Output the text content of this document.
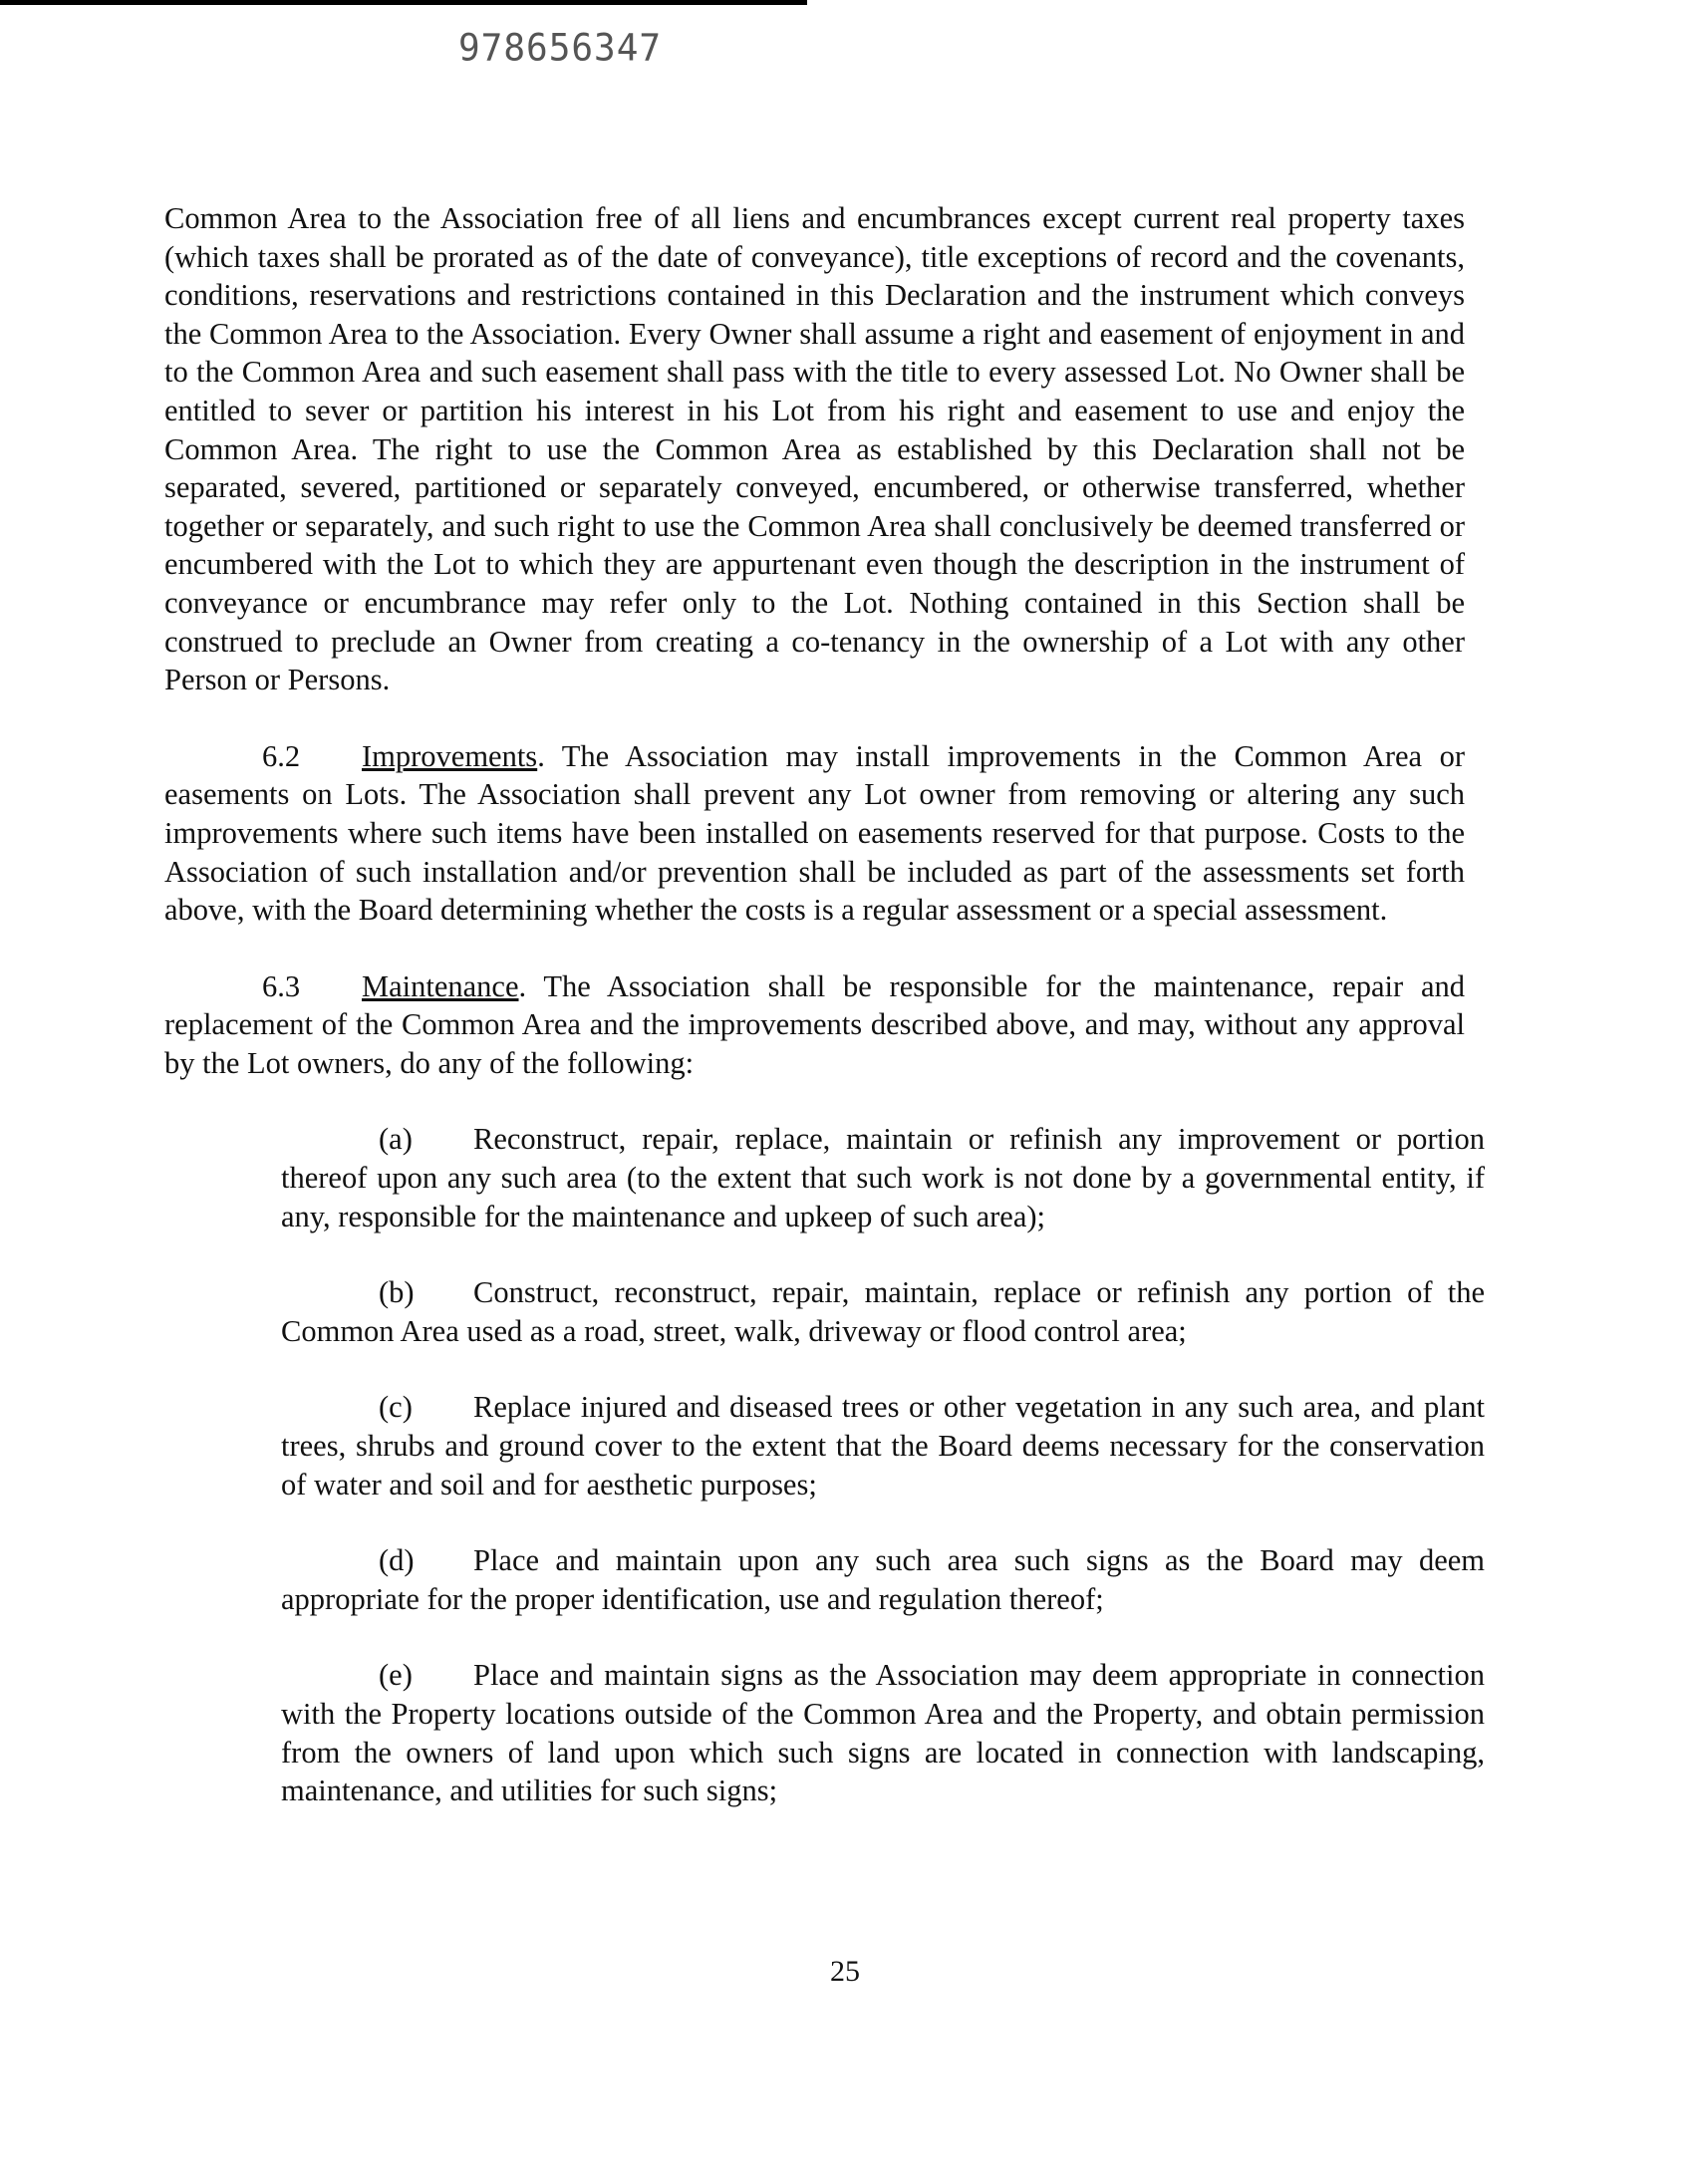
978656347

Common Area to the Association free of all liens and encumbrances except current real property taxes (which taxes shall be prorated as of the date of conveyance), title exceptions of record and the covenants, conditions, reservations and restrictions contained in this Declaration and the instrument which conveys the Common Area to the Association. Every Owner shall assume a right and easement of enjoyment in and to the Common Area and such easement shall pass with the title to every assessed Lot. No Owner shall be entitled to sever or partition his interest in his Lot from his right and easement to use and enjoy the Common Area. The right to use the Common Area as established by this Declaration shall not be separated, severed, partitioned or separately conveyed, encumbered, or otherwise transferred, whether together or separately, and such right to use the Common Area shall conclusively be deemed transferred or encumbered with the Lot to which they are appurtenant even though the description in the instrument of conveyance or encumbrance may refer only to the Lot. Nothing contained in this Section shall be construed to preclude an Owner from creating a co-tenancy in the ownership of a Lot with any other Person or Persons.

6.2 Improvements. The Association may install improvements in the Common Area or easements on Lots. The Association shall prevent any Lot owner from removing or altering any such improvements where such items have been installed on easements reserved for that purpose. Costs to the Association of such installation and/or prevention shall be included as part of the assessments set forth above, with the Board determining whether the costs is a regular assessment or a special assessment.

6.3 Maintenance. The Association shall be responsible for the maintenance, repair and replacement of the Common Area and the improvements described above, and may, without any approval by the Lot owners, do any of the following:

(a) Reconstruct, repair, replace, maintain or refinish any improvement or portion thereof upon any such area (to the extent that such work is not done by a governmental entity, if any, responsible for the maintenance and upkeep of such area);

(b) Construct, reconstruct, repair, maintain, replace or refinish any portion of the Common Area used as a road, street, walk, driveway or flood control area;

(c) Replace injured and diseased trees or other vegetation in any such area, and plant trees, shrubs and ground cover to the extent that the Board deems necessary for the conservation of water and soil and for aesthetic purposes;

(d) Place and maintain upon any such area such signs as the Board may deem appropriate for the proper identification, use and regulation thereof;

(e) Place and maintain signs as the Association may deem appropriate in connection with the Property locations outside of the Common Area and the Property, and obtain permission from the owners of land upon which such signs are located in connection with landscaping, maintenance, and utilities for such signs;

25
